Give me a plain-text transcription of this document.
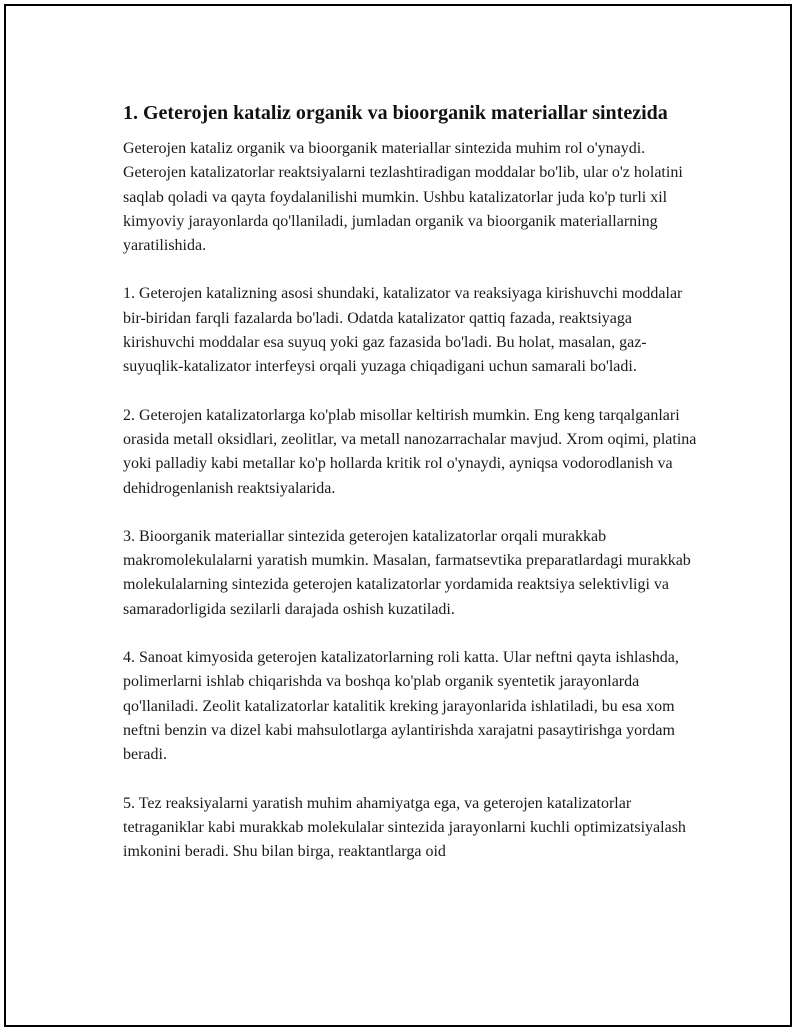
1. Geterojen kataliz organik va bioorganik materiallar sintezida

Geterojen kataliz organik va bioorganik materiallar sintezida muhim rol o'ynaydi. Geterojen katalizatorlar reaktsiyalarni tezlashtiradigan moddalar bo'lib, ular o'z holatini saqlab qoladi va qayta foydalanilishi mumkin. Ushbu katalizatorlar juda ko'p turli xil kimyoviy jarayonlarda qo'llaniladi, jumladan organik va bioorganik materiallarning yaratilishida.

1. Geterojen katalizning asosi shundaki, katalizator va reaksiyaga kirishuvchi moddalar bir-biridan farqli fazalarda bo'ladi. Odatda katalizator qattiq fazada, reaktsiyaga kirishuvchi moddalar esa suyuq yoki gaz fazasida bo'ladi. Bu holat, masalan, gaz-suyuqlik-katalizator interfeysi orqali yuzaga chiqadigani uchun samarali bo'ladi.

2. Geterojen katalizatorlarga ko'plab misollar keltirish mumkin. Eng keng tarqalganlari orasida metall oksidlari, zeolitlar, va metall nanozarrachalar mavjud. Xrom oqimi, platina yoki palladiy kabi metallar ko'p hollarda kritik rol o'ynaydi, ayniqsa vodorodlanish va dehidrogenlanish reaktsiyalarida.

3. Bioorganik materiallar sintezida geterojen katalizatorlar orqali murakkab makromolekulalarni yaratish mumkin. Masalan, farmatsevtika preparatlardagi murakkab molekulalarning sintezida geterojen katalizatorlar yordamida reaktsiya selektivligi va samaradorligida sezilarli darajada oshish kuzatiladi.

4. Sanoat kimyosida geterojen katalizatorlarning roli katta. Ular neftni qayta ishlashda, polimerlarni ishlab chiqarishda va boshqa ko'plab organik syentetik jarayonlarda qo'llaniladi. Zeolit katalizatorlar katalitik kreking jarayonlarida ishlatiladi, bu esa xom neftni benzin va dizel kabi mahsulotlarga aylantirishda xarajatni pasaytirishga yordam beradi.

5. Tez reaksiyalarni yaratish muhim ahamiyatga ega, va geterojen katalizatorlar tetraganiklar kabi murakkab molekulalar sintezida jarayonlarni kuchli optimizatsiyalash imkonini beradi. Shu bilan birga, reaktantlarga oid
